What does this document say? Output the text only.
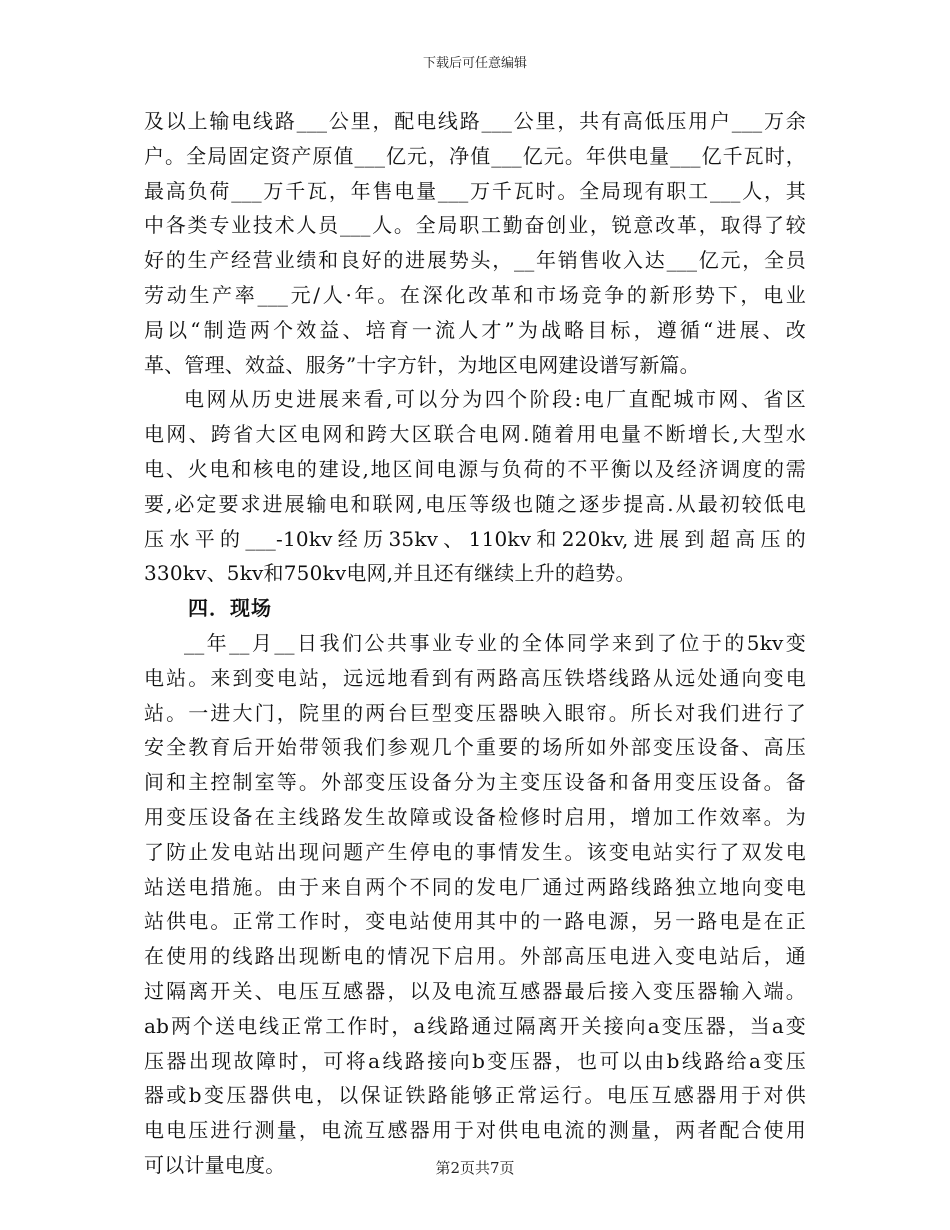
下载后可任意编辑
及以上输电线路___公里，配电线路___公里，共有高低压用户___万余
户。全局固定资产原值___亿元，净值___亿元。年供电量___亿千瓦时，
最高负荷___万千瓦，年售电量___万千瓦时。全局现有职工___人，其
中各类专业技术人员___人。全局职工勤奋创业，锐意改革，取得了较
好的生产经营业绩和良好的进展势头，__年销售收入达___亿元，全员
劳动生产率___元/人·年。在深化改革和市场竞争的新形势下，电业
局以“制造两个效益、培育一流人才”为战略目标，遵循“进展、改
革、管理、效益、服务”十字方针，为地区电网建设谱写新篇。
电网从历史进展来看,可以分为四个阶段:电厂直配城市网、省区
电网、跨省大区电网和跨大区联合电网.随着用电量不断增长,大型水
电、火电和核电的建设,地区间电源与负荷的不平衡以及经济调度的需
要,必定要求进展输电和联网,电压等级也随之逐步提高.从最初较低电
压水平的___-10kv经历35kv、110kv和220kv,进展到超高压的
330kv、5kv和750kv电网,并且还有继续上升的趋势。
四．现场
__年__月__日我们公共事业专业的全体同学来到了位于的5kv变
电站。来到变电站，远远地看到有两路高压铁塔线路从远处通向变电
站。一进大门，院里的两台巨型变压器映入眼帘。所长对我们进行了
安全教育后开始带领我们参观几个重要的场所如外部变压设备、高压
间和主控制室等。外部变压设备分为主变压设备和备用变压设备。备
用变压设备在主线路发生故障或设备检修时启用，增加工作效率。为
了防止发电站出现问题产生停电的事情发生。该变电站实行了双发电
站送电措施。由于来自两个不同的发电厂通过两路线路独立地向变电
站供电。正常工作时，变电站使用其中的一路电源，另一路电是在正
在使用的线路出现断电的情况下启用。外部高压电进入变电站后，通
过隔离开关、电压互感器，以及电流互感器最后接入变压器输入端。
ab两个送电线正常工作时，a线路通过隔离开关接向a变压器，当a变
压器出现故障时，可将a线路接向b变压器，也可以由b线路给a变压
器或b变压器供电，以保证铁路能够正常运行。电压互感器用于对供
电电压进行测量，电流互感器用于对供电电流的测量，两者配合使用
可以计量电度。	第2页共7页
